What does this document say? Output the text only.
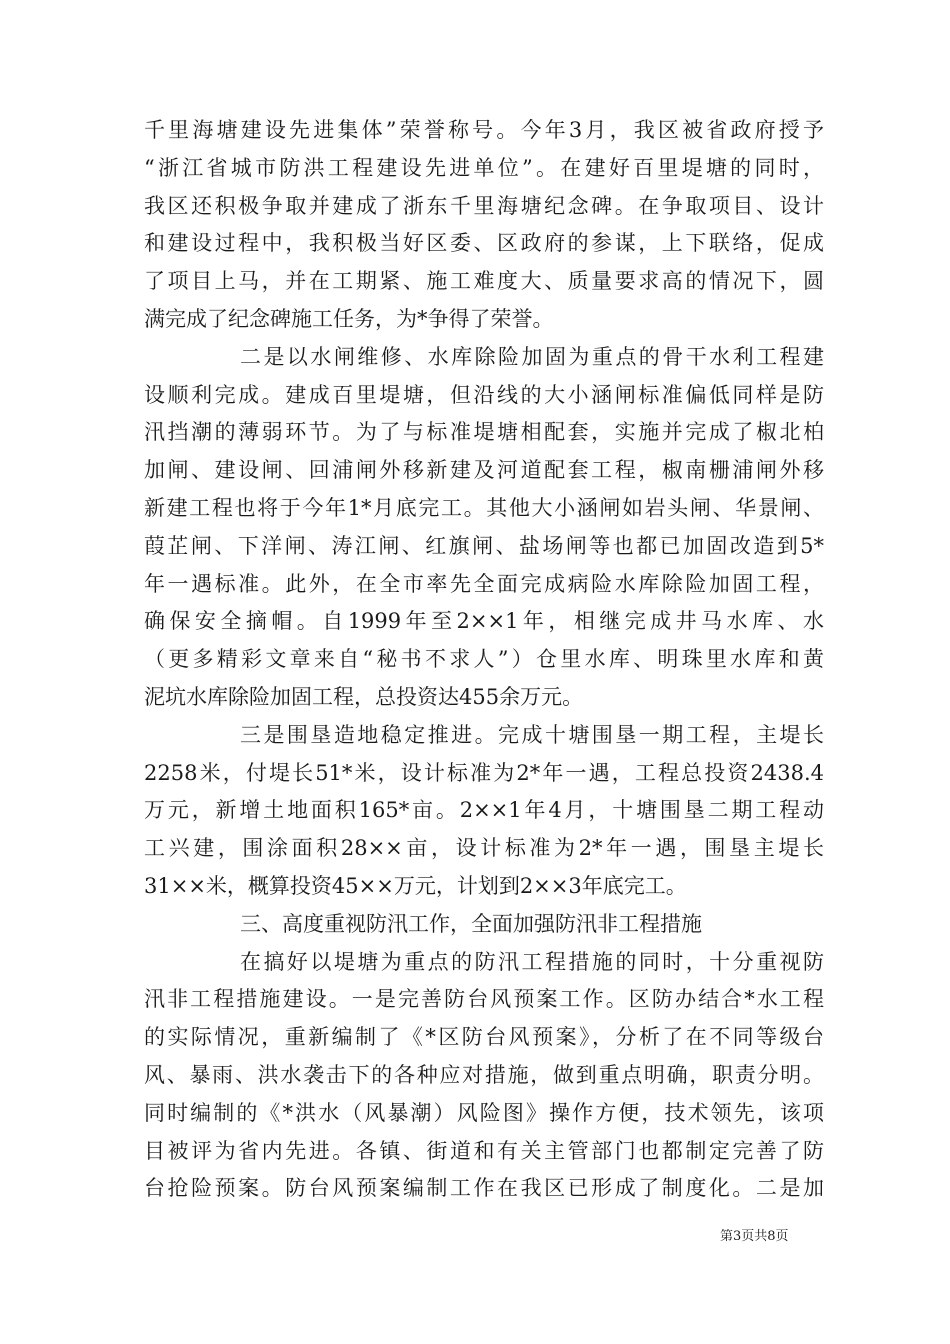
千里海塘建设先进集体”荣誉称号。今年3月，我区被省政府授予
“浙江省城市防洪工程建设先进单位”。在建好百里堤塘的同时，
我区还积极争取并建成了浙东千里海塘纪念碑。在争取项目、设计
和建设过程中，我积极当好区委、区政府的参谋，上下联络，促成
了项目上马，并在工期紧、施工难度大、质量要求高的情况下，圆
满完成了纪念碑施工任务，为*争得了荣誉。
二是以水闸维修、水库除险加固为重点的骨干水利工程建
设顺利完成。建成百里堤塘，但沿线的大小涵闸标准偏低同样是防
汛挡潮的薄弱环节。为了与标准堤塘相配套，实施并完成了椒北柏
加闸、建设闸、回浦闸外移新建及河道配套工程，椒南栅浦闸外移
新建工程也将于今年1*月底完工。其他大小涵闸如岩头闸、华景闸、
葭芷闸、下洋闸、涛江闸、红旗闸、盐场闸等也都已加固改造到5*
年一遇标准。此外，在全市率先全面完成病险水库除险加固工程，
确保安全摘帽。自1999年至2××1年，相继完成井马水库、水
（更多精彩文章来自“秘书不求人”）仓里水库、明珠里水库和黄
泥坑水库除险加固工程，总投资达455余万元。
三是围垦造地稳定推进。完成十塘围垦一期工程，主堤长
2258米，付堤长51*米，设计标准为2*年一遇，工程总投资2438.4
万元，新增土地面积165*亩。2××1年4月，十塘围垦二期工程动
工兴建，围涂面积28××亩，设计标准为2*年一遇，围垦主堤长
31××米，概算投资45××万元，计划到2××3年底完工。
三、高度重视防汛工作，全面加强防汛非工程措施
在搞好以堤塘为重点的防汛工程措施的同时，十分重视防
汛非工程措施建设。一是完善防台风预案工作。区防办结合*水工程
的实际情况，重新编制了《*区防台风预案》，分析了在不同等级台
风、暴雨、洪水袭击下的各种应对措施，做到重点明确，职责分明。
同时编制的《*洪水（风暴潮）风险图》操作方便，技术领先，该项
目被评为省内先进。各镇、街道和有关主管部门也都制定完善了防
台抢险预案。防台风预案编制工作在我区已形成了制度化。二是加
第3页共8页
